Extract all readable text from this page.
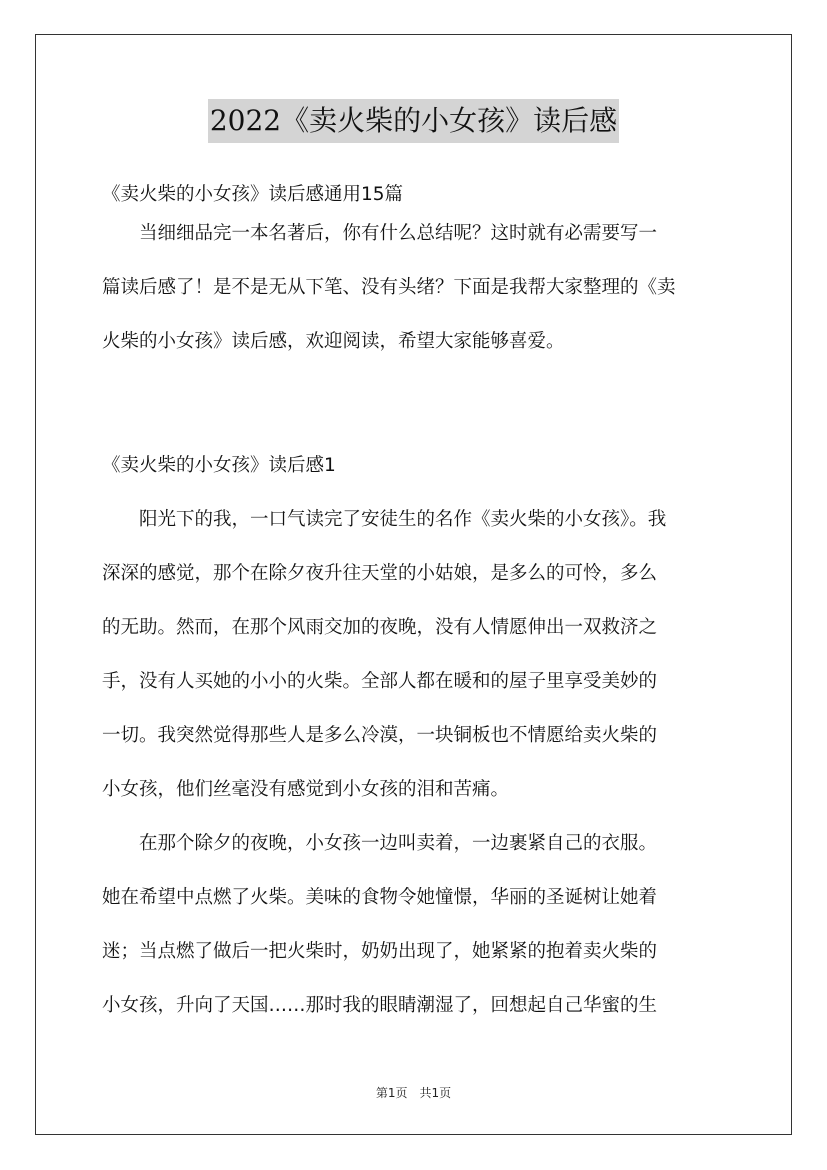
2022《卖火柴的小女孩》读后感
《卖火柴的小女孩》读后感通用15篇
　　当细细品完一本名著后，你有什么总结呢？这时就有必需要写一
篇读后感了！是不是无从下笔、没有头绪？下面是我帮大家整理的《卖
火柴的小女孩》读后感，欢迎阅读，希望大家能够喜爱。
《卖火柴的小女孩》读后感1
　　阳光下的我，一口气读完了安徒生的名作《卖火柴的小女孩》。我
深深的感觉，那个在除夕夜升往天堂的小姑娘，是多么的可怜，多么
的无助。然而，在那个风雨交加的夜晚，没有人情愿伸出一双救济之
手，没有人买她的小小的火柴。全部人都在暖和的屋子里享受美妙的
一切。我突然觉得那些人是多么冷漠，一块铜板也不情愿给卖火柴的
小女孩，他们丝毫没有感觉到小女孩的泪和苦痛。
　　在那个除夕的夜晚，小女孩一边叫卖着，一边裹紧自己的衣服。
她在希望中点燃了火柴。美味的食物令她憧憬，华丽的圣诞树让她着
迷；当点燃了做后一把火柴时，奶奶出现了，她紧紧的抱着卖火柴的
小女孩，升向了天国……那时我的眼睛潮湿了，回想起自己华蜜的生
第1页　共1页
